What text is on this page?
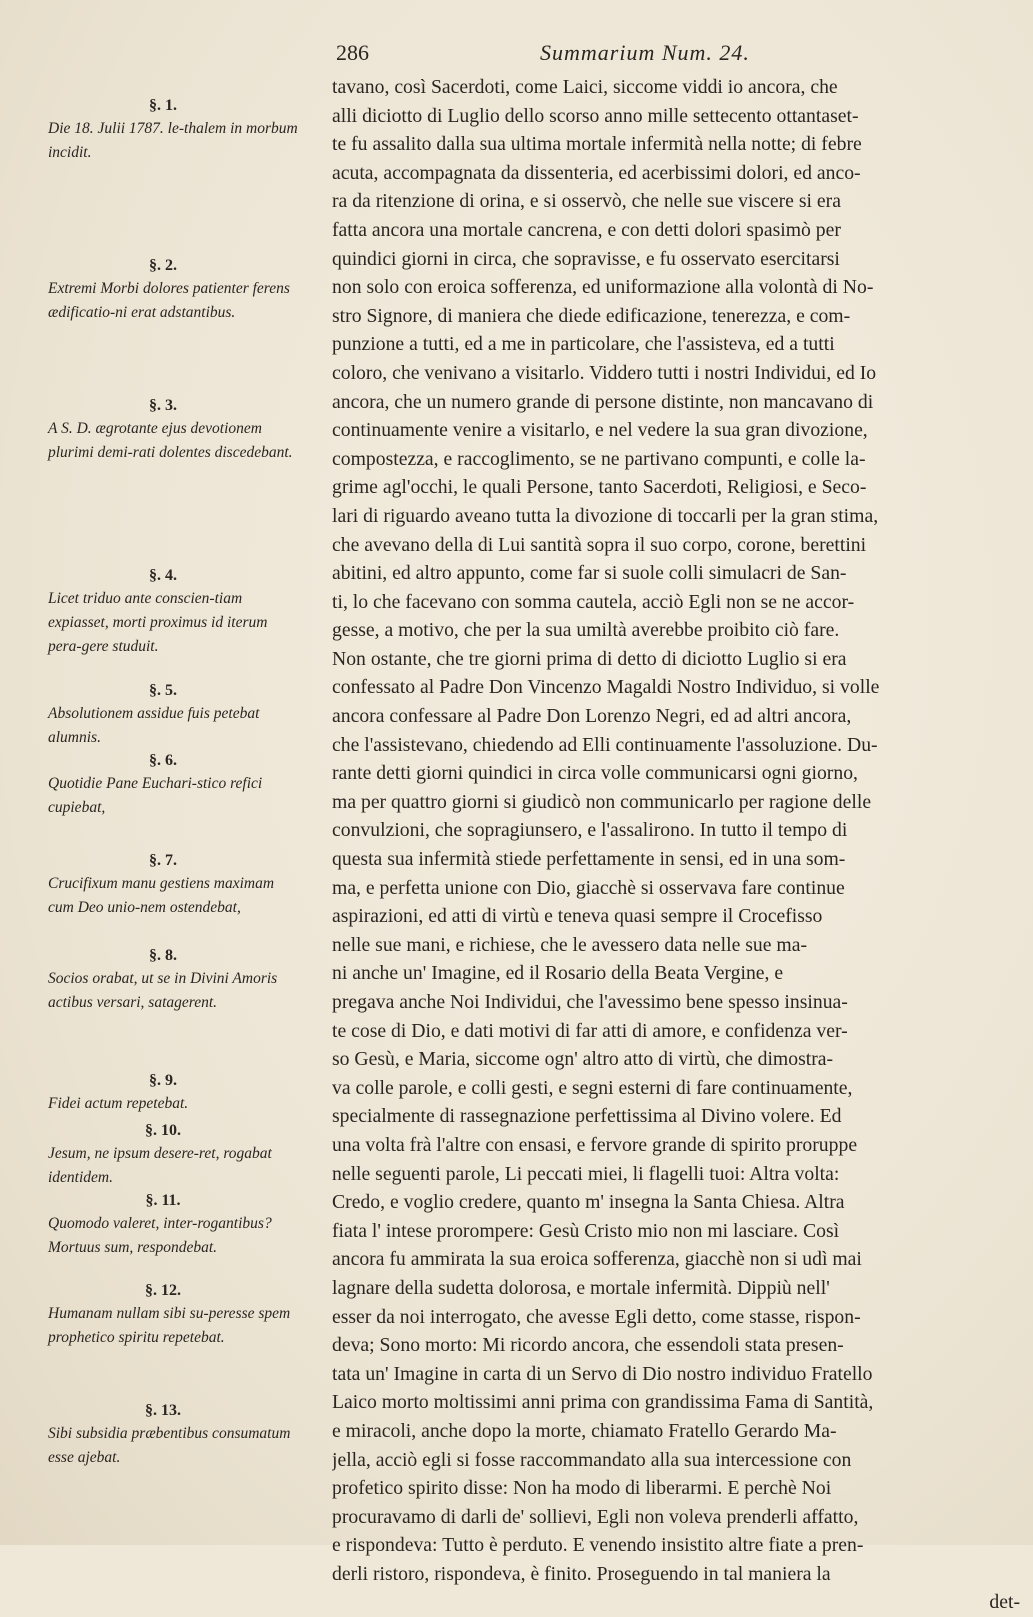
286	Summarium Num. 24.
§. 1.
Die 18. Julii 1787. le-thalem in morbum incidit.
§. 2.
Extremi Morbi dolores patienter ferens ædificatio-ni erat adstantibus.
§. 3.
A S. D. ægrotante ejus devotionem plurimi demi-rati dolentes discedebant.
§. 4.
Licet triduo ante conscien-tiam expiasset, morti proximus id iterum pera-gere studuit.
§. 5.
Absolutionem assidue fuis petebat alumnis.
§. 6.
Quotidie Pane Euchari-stico refici cupiebat,
§. 7.
Crucifixum manu gestiens maximam cum Deo unio-nem ostendebat,
§. 8.
Socios orabat, ut se in Divini Amoris actibus versari, satagerent.
§. 9.
Fidei actum repetebat.
§. 10.
Jesum, ne ipsum desere-ret, rogabat identidem.
§. 11.
Quomodo valeret, inter-rogantibus? Mortuus sum, respondebat.
§. 12.
Humanam nullam sibi su-peresse spem prophetico spiritu repetebat.
§. 13.
Sibi subsidia præbentibus consumatum esse ajebat.
tavano, così Sacerdoti, come Laici, siccome viddi io ancora, che
alli diciotto di Luglio dello scorso anno mille settecento ottantaset-
te fu assalito dalla sua ultima mortale infermità nella notte; di febre
acuta, accompagnata da dissenteria, ed acerbissimi dolori, ed anco-
ra da ritenzione di orina, e si osservò, che nelle sue viscere si era
fatta ancora una mortale cancrena, e con detti dolori spasimò per
quindici giorni in circa, che sopravisse, e fu osservato esercitarsi
non solo con eroica sofferenza, ed uniformazione alla volontà di No-
stro Signore, di maniera che diede edificazione, tenerezza, e com-
punzione a tutti, ed a me in particolare, che l'assisteva, ed a tutti
coloro, che venivano a visitarlo. Viddero tutti i nostri Individui, ed Io
ancora, che un numero grande di persone distinte, non mancavano di
continuamente venire a visitarlo, e nel vedere la sua gran divozione,
compostezza, e raccoglimento, se ne partivano compunti, e colle la-
grime agl'occhi, le quali Persone, tanto Sacerdoti, Religiosi, e Seco-
lari di riguardo aveano tutta la divozione di toccarli per la gran stima,
che avevano della di Lui santità sopra il suo corpo, corone, berettini
abitini, ed altro appunto, come far si suole colli simulacri de San-
ti, lo che facevano con somma cautela, acciò Egli non se ne accor-
gesse, a motivo, che per la sua umiltà averebbe proibito ciò fare.
Non ostante, che tre giorni prima di detto di diciotto Luglio si era
confessato al Padre Don Vincenzo Magaldi Nostro Individuo, si volle
ancora confessare al Padre Don Lorenzo Negri, ed ad altri ancora,
che l'assistevano, chiedendo ad Elli continuamente l'assoluzione. Du-
rante detti giorni quindici in circa volle communicarsi ogni giorno,
ma per quattro giorni si giudicò non communicarlo per ragione delle
convulzioni, che sopragiunsero, e l'assalirono. In tutto il tempo di
questa sua infermità stiede perfettamente in sensi, ed in una som-
ma, e perfetta unione con Dio, giacchè si osservava fare continue
aspirazioni, ed atti di virtù e teneva quasi sempre il Crocefisso
nelle sue mani, e richiese, che le avessero data nelle sue ma-
ni anche un' Imagine, ed il Rosario della Beata Vergine, e
pregava anche Noi Individui, che l'avessimo bene spesso insinua-
te cose di Dio, e dati motivi di far atti di amore, e confidenza ver-
so Gesù, e Maria, siccome ogn' altro atto di virtù, che dimostra-
va colle parole, e colli gesti, e segni esterni di fare continuamente,
specialmente di rassegnazione perfettissima al Divino volere. Ed
una volta frà l'altre con ensasi, e fervore grande di spirito proruppe
nelle seguenti parole, Li peccati miei, li flagelli tuoi: Altra volta:
Credo, e voglio credere, quanto m' insegna la Santa Chiesa. Altra
fiata l' intese prorompere: Gesù Cristo mio non mi lasciare. Così
ancora fu ammirata la sua eroica sofferenza, giacchè non si udì mai
lagnare della sudetta dolorosa, e mortale infermità. Dippiù nell'
esser da noi interrogato, che avesse Egli detto, come stasse, rispon-
deva; Sono morto: Mi ricordo ancora, che essendoli stata presen-
tata un' Imagine in carta di un Servo di Dio nostro individuo Fratello
Laico morto moltissimi anni prima con grandissima Fama di Santità,
e miracoli, anche dopo la morte, chiamato Fratello Gerardo Ma-
jella, acciò egli si fosse raccommandato alla sua intercessione con
profetico spirito disse: Non ha modo di liberarmi. E perchè Noi
procuravamo di darli de' sollievi, Egli non voleva prenderli affatto,
e rispondeva: Tutto è perduto. E venendo insistito altre fiate a pren-
derli ristoro, rispondeva, è finito. Proseguendo in tal maniera la
det-
